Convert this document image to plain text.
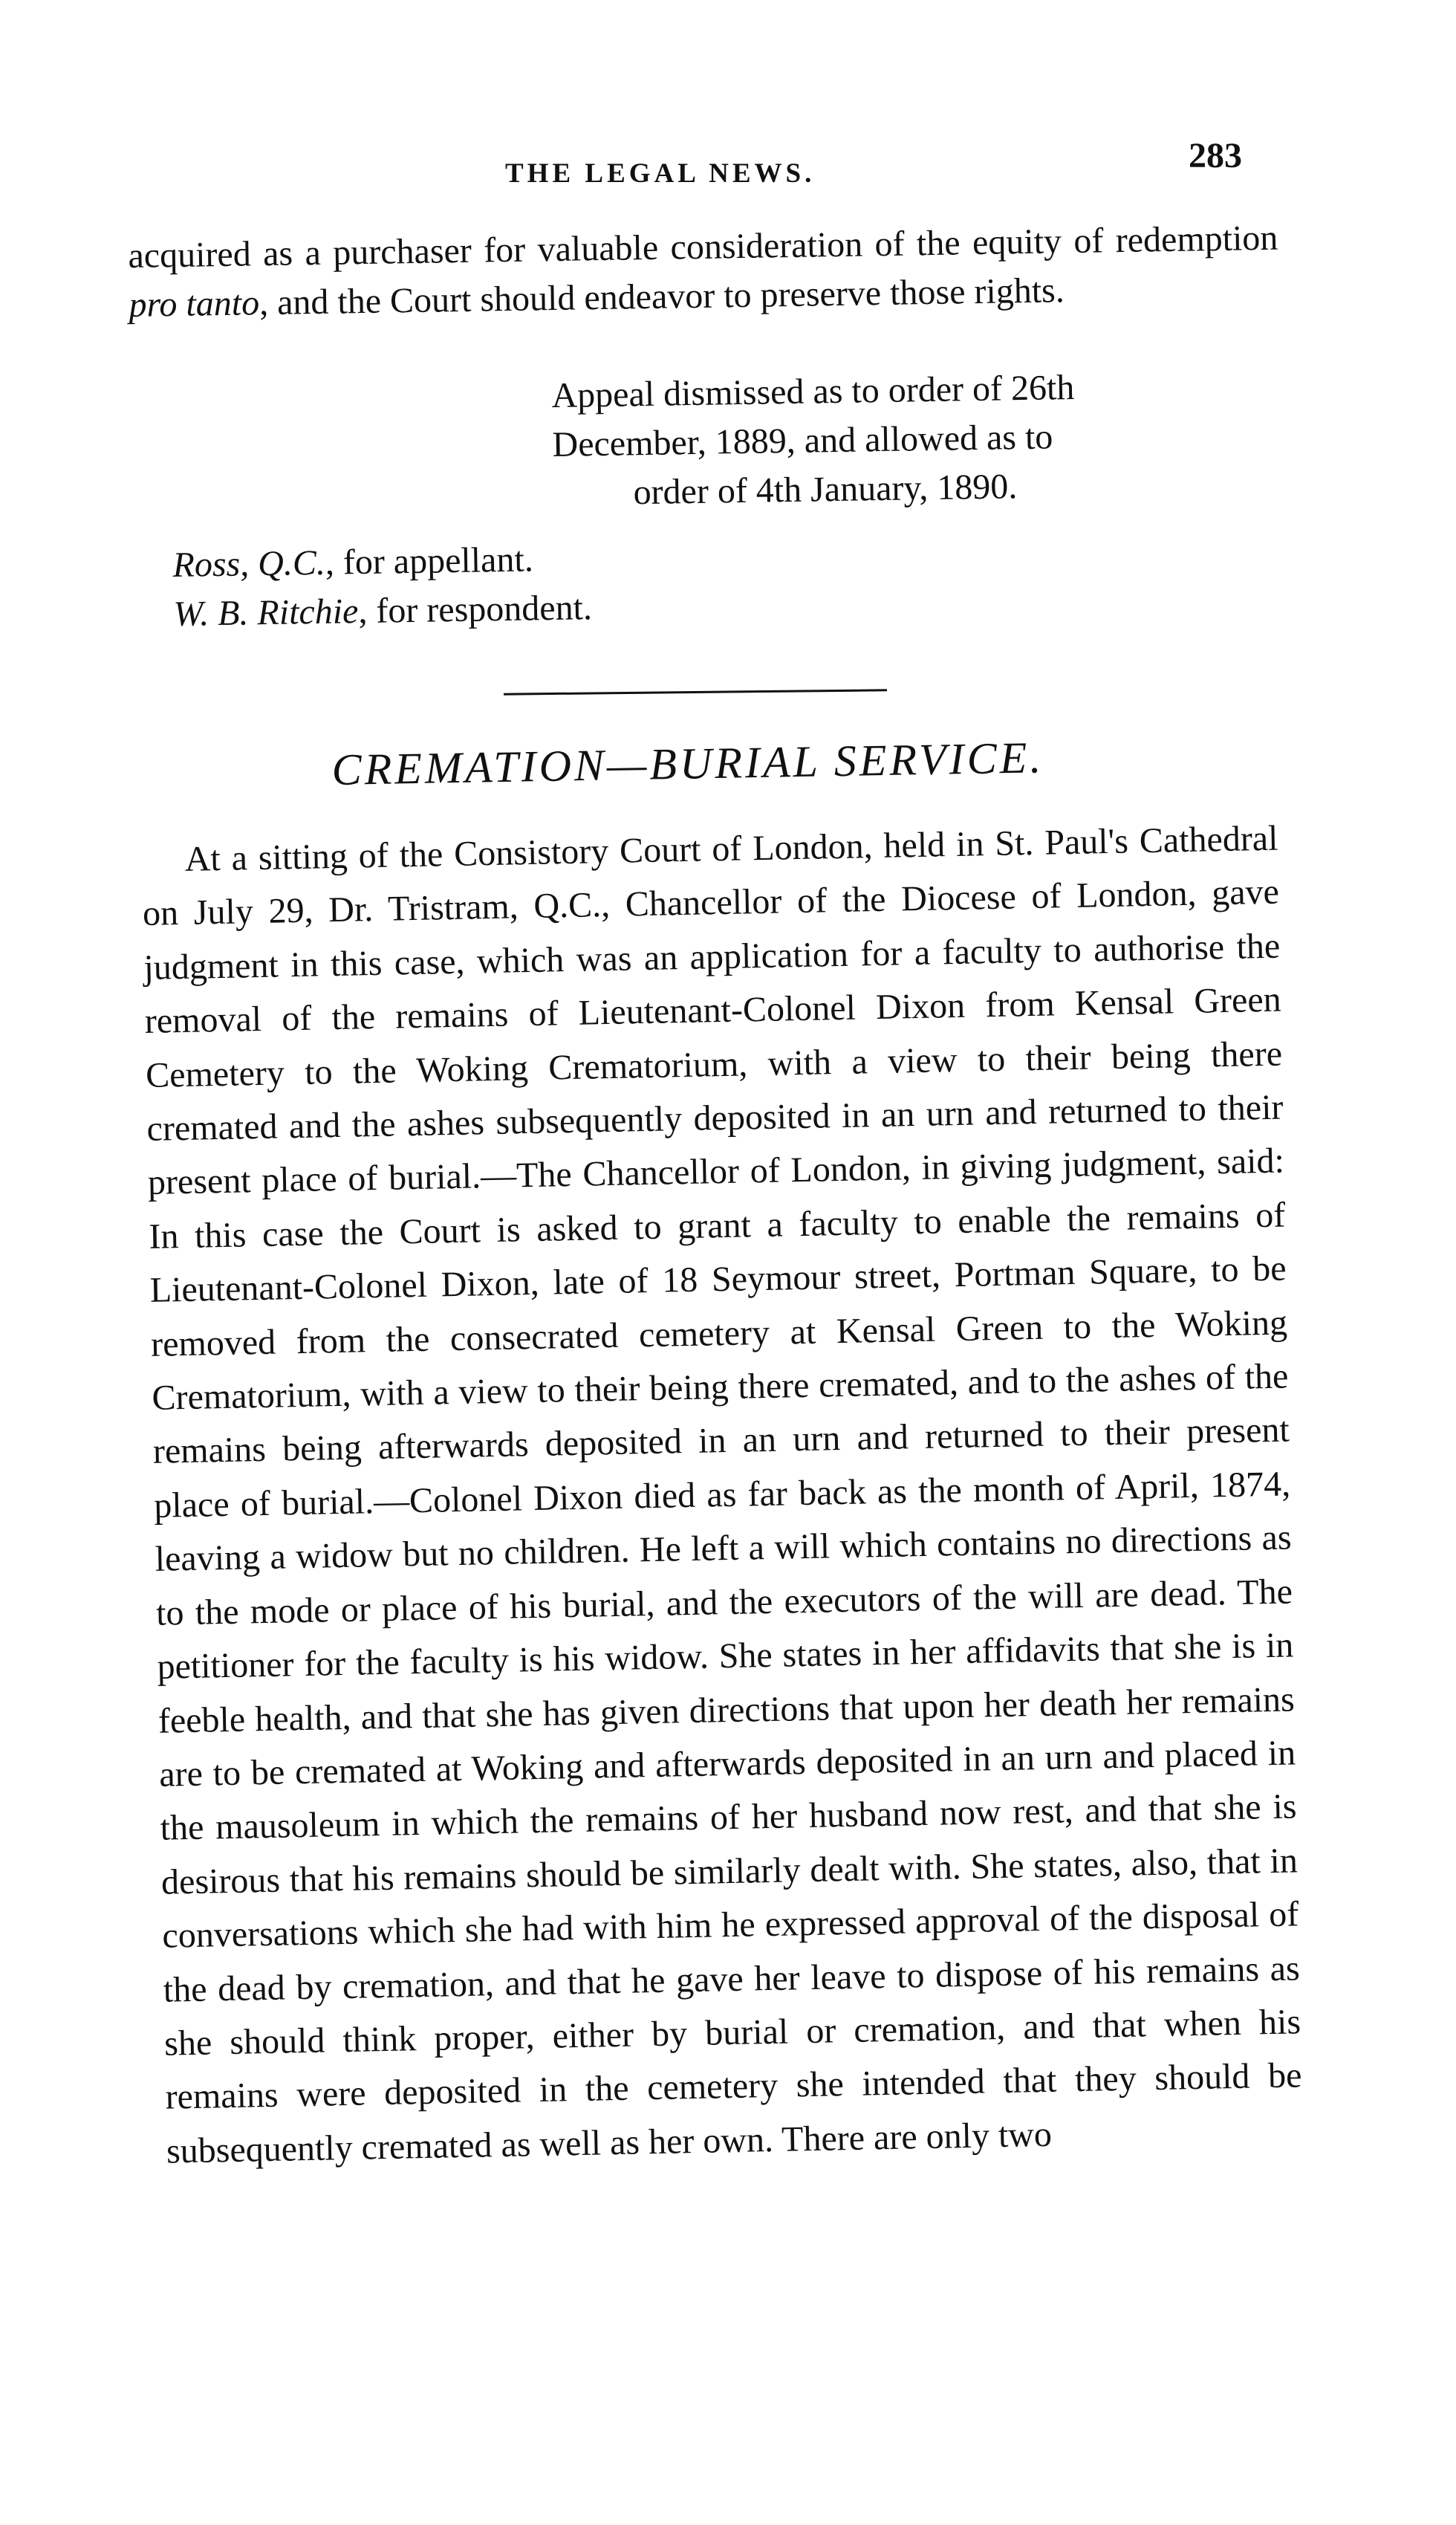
THE LEGAL NEWS.	283
acquired as a purchaser for valuable consideration of the equity of redemption pro tanto, and the Court should endeavor to preserve those rights.
Appeal dismissed as to order of 26th
December, 1889, and allowed as to
order of 4th January, 1890.
Ross, Q.C., for appellant.
W. B. Ritchie, for respondent.
CREMATION—BURIAL SERVICE.

At a sitting of the Consistory Court of London, held in St. Paul's Cathedral on July 29, Dr. Tristram, Q.C., Chancellor of the Diocese of London, gave judgment in this case, which was an application for a faculty to authorise the removal of the remains of Lieutenant-Colonel Dixon from Kensal Green Cemetery to the Woking Crematorium, with a view to their being there cremated and the ashes subsequently deposited in an urn and returned to their present place of burial.—The Chancellor of London, in giving judgment, said: In this case the Court is asked to grant a faculty to enable the remains of Lieutenant-Colonel Dixon, late of 18 Seymour street, Portman Square, to be removed from the consecrated cemetery at Kensal Green to the Woking Crematorium, with a view to their being there cremated, and to the ashes of the remains being afterwards deposited in an urn and returned to their present place of burial.—Colonel Dixon died as far back as the month of April, 1874, leaving a widow but no children. He left a will which contains no directions as to the mode or place of his burial, and the executors of the will are dead. The petitioner for the faculty is his widow. She states in her affidavits that she is in feeble health, and that she has given directions that upon her death her remains are to be cremated at Woking and afterwards deposited in an urn and placed in the mausoleum in which the remains of her husband now rest, and that she is desirous that his remains should be similarly dealt with. She states, also, that in conversations which she had with him he expressed approval of the disposal of the dead by cremation, and that he gave her leave to dispose of his remains as she should think proper, either by burial or cremation, and that when his remains were deposited in the cemetery she intended that they should be subsequently cremated as well as her own. There are only two
